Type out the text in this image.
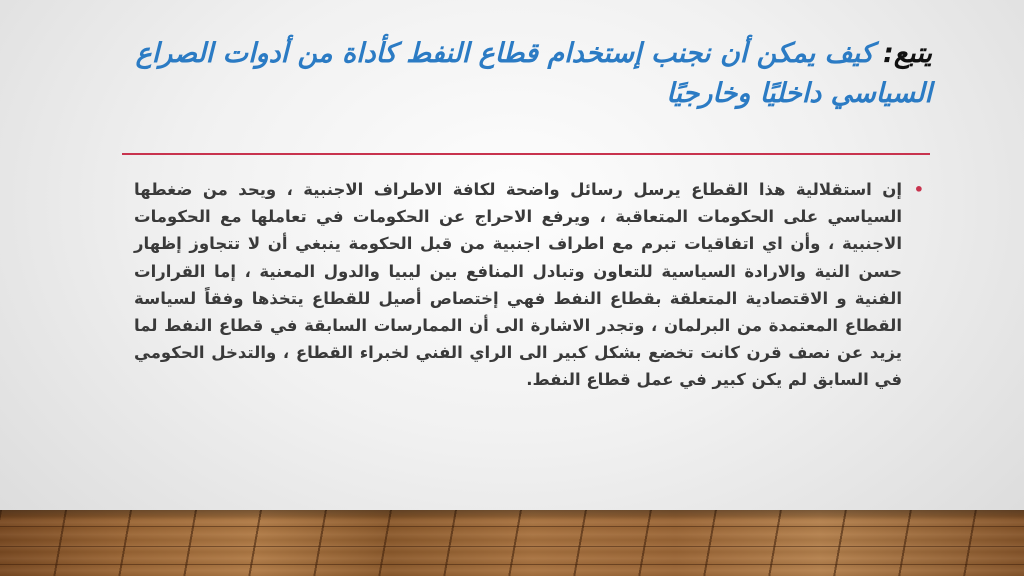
يتبع: كيف يمكن أن نجنب إستخدام قطاع النفط كأداة من أدوات الصراع السياسي داخليًا وخارجيًا
•
إن استقلالية هذا القطاع يرسل رسائل واضحة لكافة الاطراف الاجنبية ، ويحد من ضغطها السياسي على الحكومات المتعاقبة ، ويرفع الاحراج عن الحكومات في تعاملها مع الحكومات الاجنبية ، وأن اي اتفاقيات تبرم مع اطراف اجنبية من قبل الحكومة ينبغي أن لا تتجاوز إظهار حسن النية والارادة السياسية للتعاون وتبادل المنافع بين ليبيا والدول المعنية ، إما القرارات الفنية و الاقتصادية المتعلقة بقطاع النفط فهي إختصاص أصيل للقطاع يتخذها وفقاً لسياسة القطاع المعتمدة من البرلمان ، وتجدر الاشارة الى أن الممارسات السابقة في قطاع النفط لما يزيد عن نصف قرن كانت تخضع بشكل كبير الى الراي الفني لخبراء القطاع ، والتدخل الحكومي في السابق لم يكن كبير في عمل قطاع النفط.
